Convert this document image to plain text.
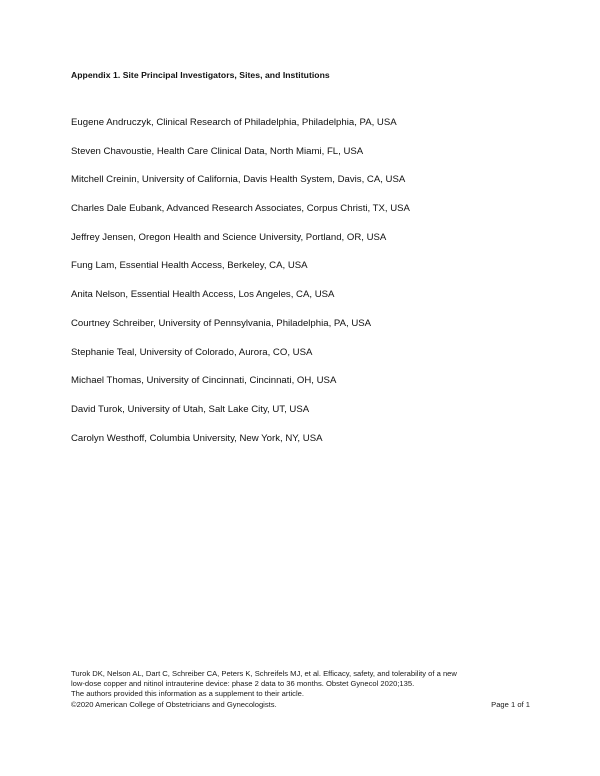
Appendix 1. Site Principal Investigators, Sites, and Institutions
Eugene Andruczyk, Clinical Research of Philadelphia, Philadelphia, PA, USA
Steven Chavoustie, Health Care Clinical Data, North Miami, FL, USA
Mitchell Creinin, University of California, Davis Health System, Davis, CA, USA
Charles Dale Eubank, Advanced Research Associates, Corpus Christi, TX, USA
Jeffrey Jensen, Oregon Health and Science University, Portland, OR, USA
Fung Lam, Essential Health Access, Berkeley, CA, USA
Anita Nelson, Essential Health Access, Los Angeles, CA, USA
Courtney Schreiber, University of Pennsylvania, Philadelphia, PA, USA
Stephanie Teal, University of Colorado, Aurora, CO, USA
Michael Thomas, University of Cincinnati, Cincinnati, OH, USA
David Turok, University of Utah, Salt Lake City, UT, USA
Carolyn Westhoff, Columbia University, New York, NY, USA
Turok DK, Nelson AL, Dart C, Schreiber CA, Peters K, Schreifels MJ, et al. Efficacy, safety, and tolerability of a new
low-dose copper and nitinol intrauterine device: phase 2 data to 36 months. Obstet Gynecol 2020;135.
The authors provided this information as a supplement to their article.
©2020 American College of Obstetricians and Gynecologists.	Page 1 of 1
